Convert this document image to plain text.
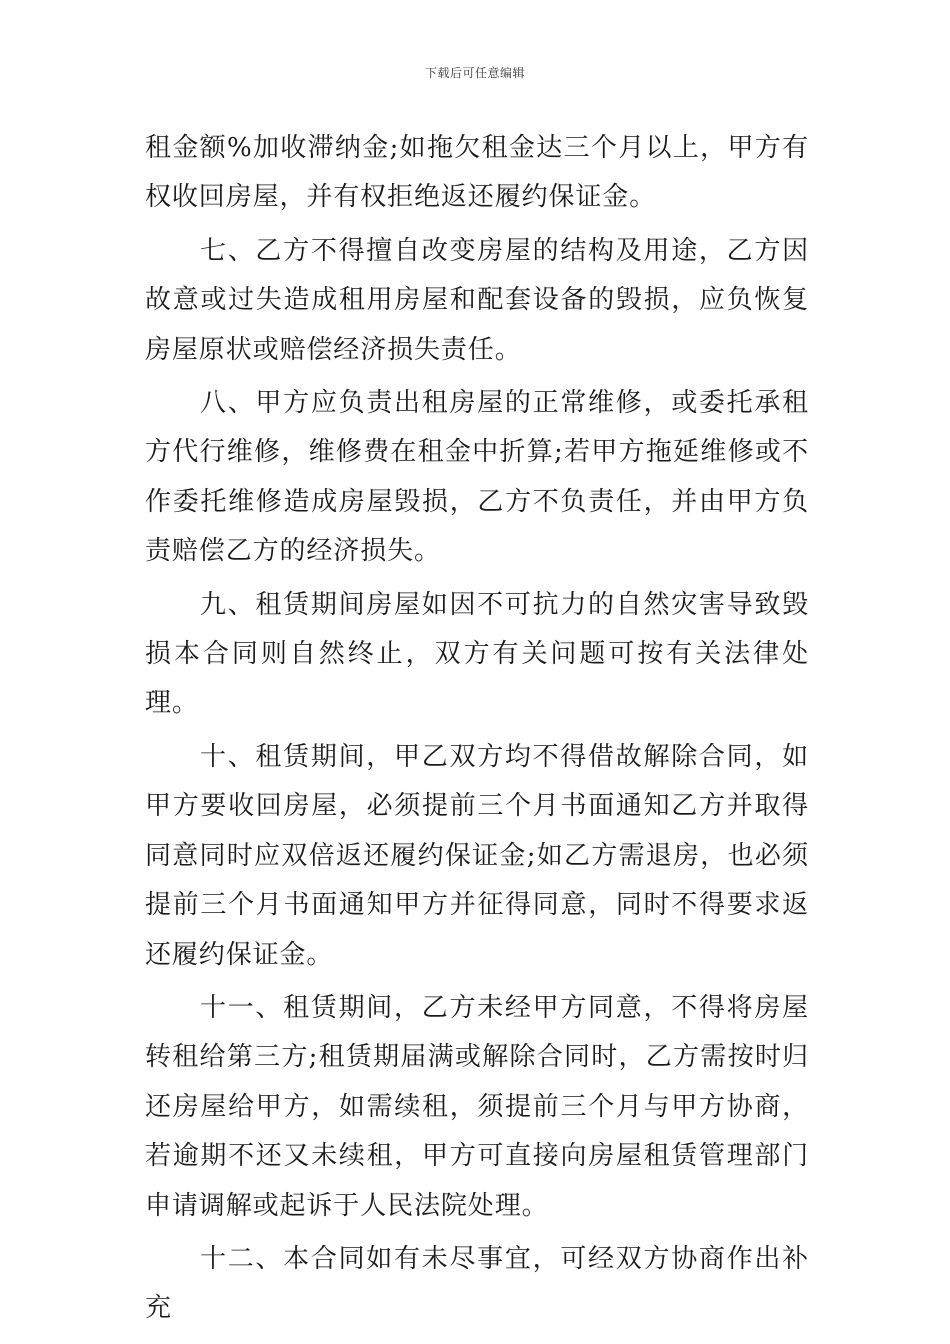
下载后可任意编辑

租金额%加收滞纳金;如拖欠租金达三个月以上，甲方有权收回房屋，并有权拒绝返还履约保证金。

七、乙方不得擅自改变房屋的结构及用途，乙方因故意或过失造成租用房屋和配套设备的毁损，应负恢复房屋原状或赔偿经济损失责任。

八、甲方应负责出租房屋的正常维修，或委托承租方代行维修，维修费在租金中折算;若甲方拖延维修或不作委托维修造成房屋毁损，乙方不负责任，并由甲方负责赔偿乙方的经济损失。

九、租赁期间房屋如因不可抗力的自然灾害导致毁损本合同则自然终止，双方有关问题可按有关法律处理。

十、租赁期间，甲乙双方均不得借故解除合同，如甲方要收回房屋，必须提前三个月书面通知乙方并取得同意同时应双倍返还履约保证金;如乙方需退房，也必须提前三个月书面通知甲方并征得同意，同时不得要求返还履约保证金。

十一、租赁期间，乙方未经甲方同意，不得将房屋转租给第三方;租赁期届满或解除合同时，乙方需按时归还房屋给甲方，如需续租，须提前三个月与甲方协商，若逾期不还又未续租，甲方可直接向房屋租赁管理部门申请调解或起诉于人民法院处理。

十二、本合同如有未尽事宜，可经双方协商作出补充
